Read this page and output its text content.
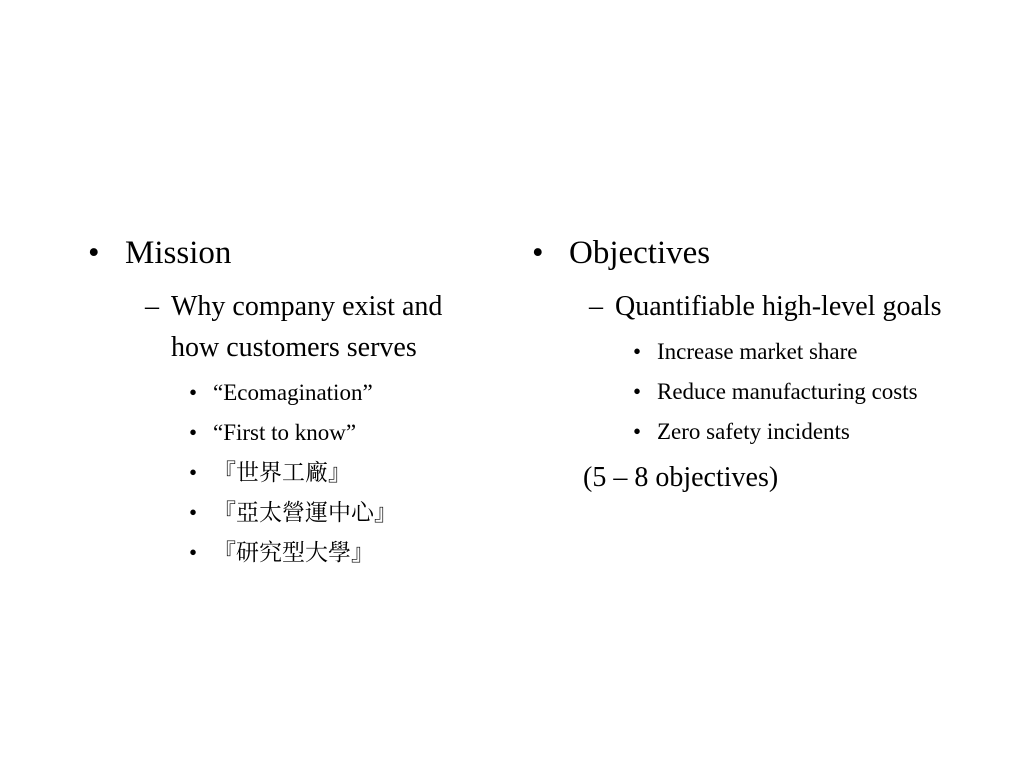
• Mission
– Why company exist and how customers serves
• “Ecomagination”
• “First to know”
• 『世界工廠』
• 『亞太營運中心』
• 『研究型大學』
• Objectives
– Quantifiable high-level goals
• Increase market share
• Reduce manufacturing costs
• Zero safety incidents
(5 – 8 objectives)
